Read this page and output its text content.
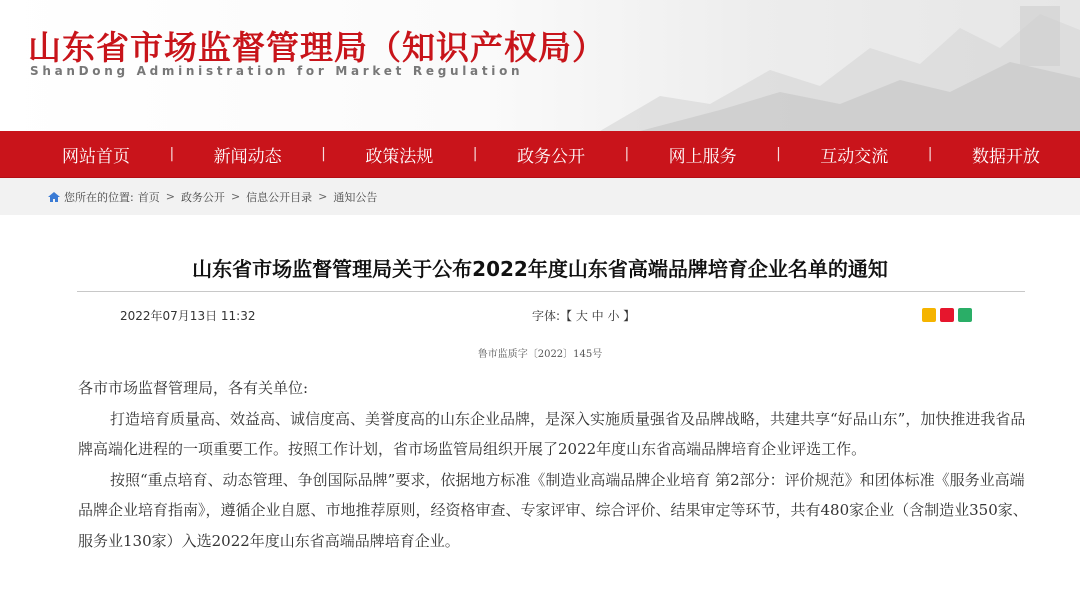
山东省市场监督管理局（知识产权局）
ShanDong Administration for Market Regulation
网站首页	| 新闻动态	| 政策法规	| 政务公开	| 网上服务	| 互动交流	| 数据开放
您所在的位置: 首页 > 政务公开 > 信息公开目录 > 通知公告
山东省市场监督管理局关于公布2022年度山东省高端品牌培育企业名单的通知
2022年07月13日 11:32	字体:【 大 中 小 】
鲁市监质字〔2022〕145号

各市市场监督管理局，各有关单位:

打造培育质量高、效益高、诚信度高、美誉度高的山东企业品牌，是深入实施质量强省及品牌战略，共建共享“好品山东”，加快推进我省品牌高端化进程的一项重要工作。按照工作计划，省市场监管局组织开展了2022年度山东省高端品牌培育企业评选工作。

按照“重点培育、动态管理、争创国际品牌”要求，依据地方标准《制造业高端品牌企业培育 第2部分：评价规范》和团体标准《服务业高端品牌企业培育指南》，遵循企业自愿、市地推荐原则，经资格审查、专家评审、综合评价、结果审定等环节，共有480家企业（含制造业350家、服务业130家）入选2022年度山东省高端品牌培育企业。
